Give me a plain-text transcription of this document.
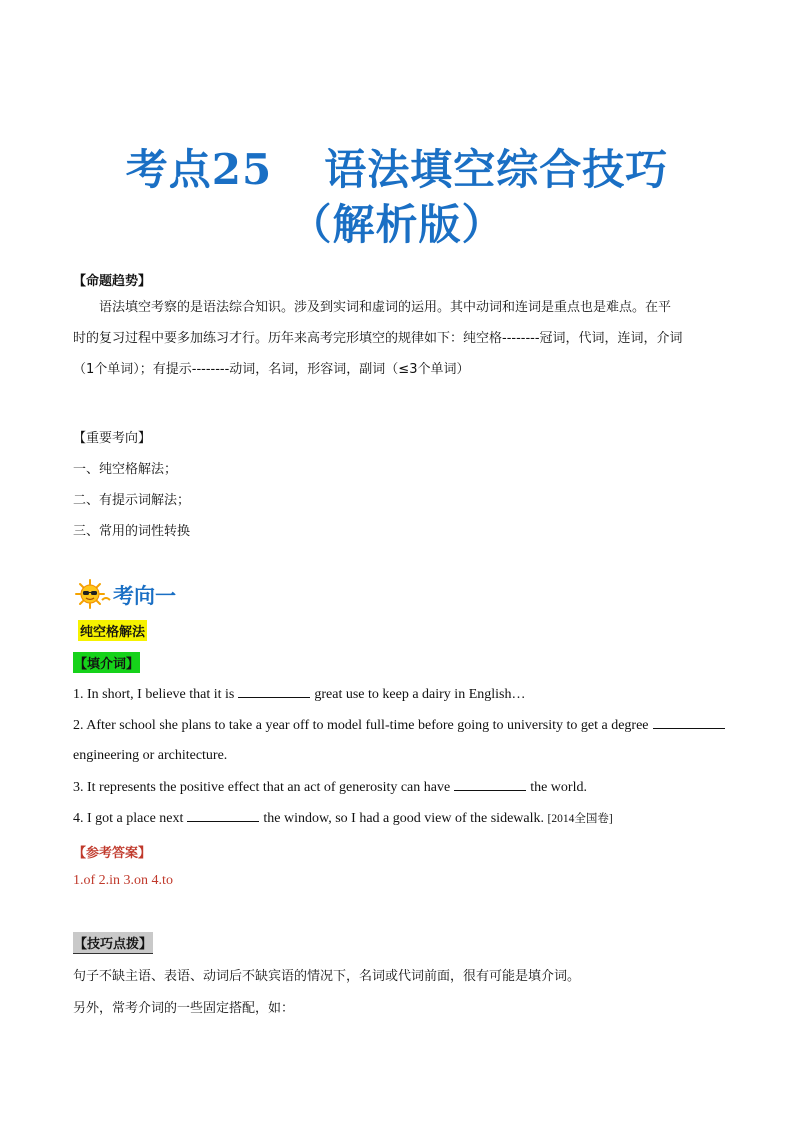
考点25 语法填空综合技巧
（解析版）
【命题趋势】
语法填空考察的是语法综合知识。涉及到实词和虚词的运用。其中动词和连词是重点也是难点。在平
时的复习过程中要多加练习才行。历年来高考完形填空的规律如下：纯空格--------冠词，代词，连词，介词
（1个单词）；有提示--------动词，名词，形容词，副词（≤3个单词）
【重要考向】
一、纯空格解法；
二、有提示词解法；
三、常用的词性转换
考向一
纯空格解法
【填介词】
1. In short, I believe that it is	great use to keep a dairy in English…
2. After school she plans to take a year off to model full-time before going to university to get a degree
engineering or architecture.
3. It represents the positive effect that an act of generosity can have	the world.
4. I got a place next	the window, so I had a good view of the sidewalk. [2014全国卷]
【参考答案】
1.of 2.in 3.on 4.to
【技巧点拨】
句子不缺主语、表语、动词后不缺宾语的情况下，名词或代词前面，很有可能是填介词。
另外，常考介词的一些固定搭配，如：
